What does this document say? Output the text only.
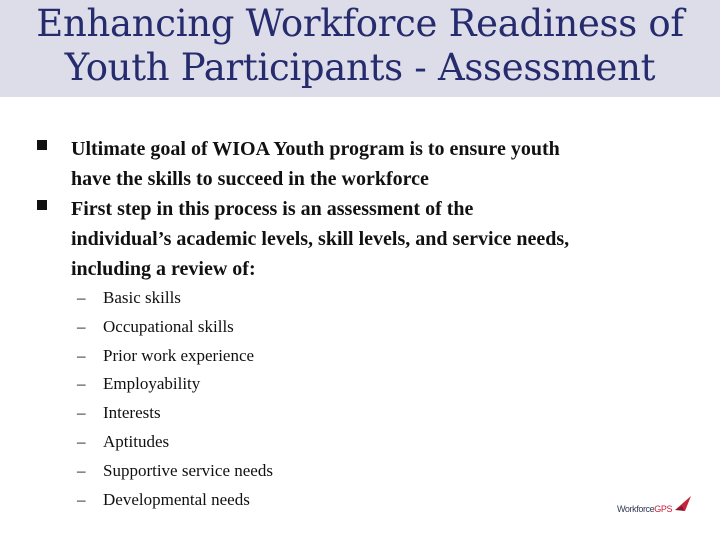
Enhancing Workforce Readiness of
Youth Participants - Assessment
Ultimate goal of WIOA Youth program is to ensure youth
have the skills to succeed in the workforce
First step in this process is an assessment of the
individual’s academic levels, skill levels, and service needs,
including a review of:
– Basic skills
– Occupational skills
– Prior work experience
– Employability
– Interests
– Aptitudes
– Supportive service needs
– Developmental needs
WorkforceGPS
